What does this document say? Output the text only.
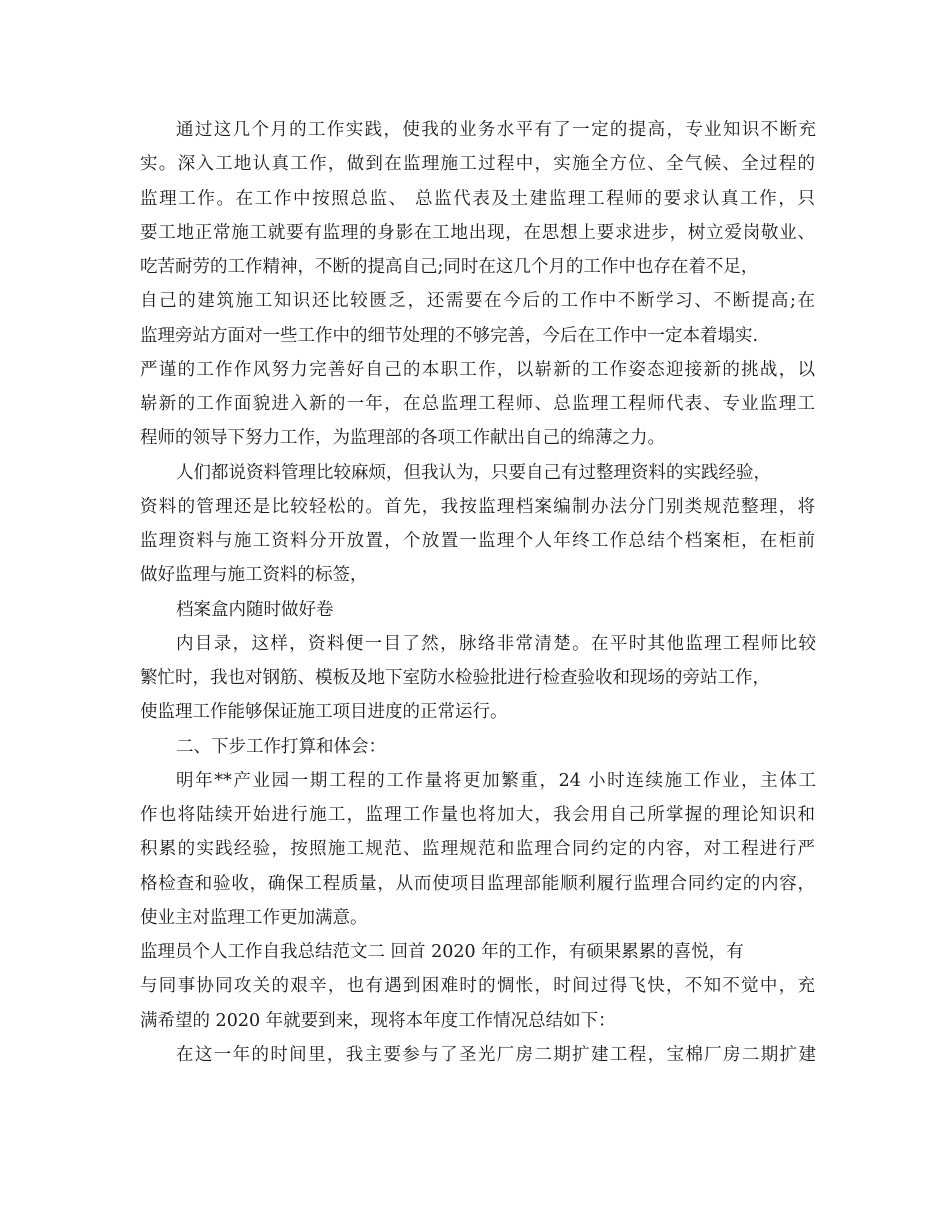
通过这几个月的工作实践，使我的业务水平有了一定的提高，专业知识不断充
实。深入工地认真工作，做到在监理施工过程中，实施全方位、全气候、全过程的
监理工作。在工作中按照总监、 总监代表及土建监理工程师的要求认真工作，只
要工地正常施工就要有监理的身影在工地出现，在思想上要求进步，树立爱岗敬业、
吃苦耐劳的工作精神，不断的提高自己;同时在这几个月的工作中也存在着不足，
自己的建筑施工知识还比较匮乏，还需要在今后的工作中不断学习、不断提高;在
监理旁站方面对一些工作中的细节处理的不够完善，今后在工作中一定本着塌实.
严谨的工作作风努力完善好自己的本职工作，以崭新的工作姿态迎接新的挑战，以
崭新的工作面貌进入新的一年，在总监理工程师、总监理工程师代表、专业监理工
程师的领导下努力工作，为监理部的各项工作献出自己的绵薄之力。
人们都说资料管理比较麻烦，但我认为，只要自己有过整理资料的实践经验，
资料的管理还是比较轻松的。首先，我按监理档案编制办法分门别类规范整理，将
监理资料与施工资料分开放置，个放置一监理个人年终工作总结个档案柜，在柜前
做好监理与施工资料的标签，
档案盒内随时做好卷
内目录，这样，资料便一目了然，脉络非常清楚。在平时其他监理工程师比较
繁忙时，我也对钢筋、模板及地下室防水检验批进行检查验收和现场的旁站工作，
使监理工作能够保证施工项目进度的正常运行。
二、下步工作打算和体会：
明年**产业园一期工程的工作量将更加繁重，24 小时连续施工作业，主体工
作也将陆续开始进行施工，监理工作量也将加大，我会用自己所掌握的理论知识和
积累的实践经验，按照施工规范、监理规范和监理合同约定的内容，对工程进行严
格检查和验收，确保工程质量，从而使项目监理部能顺利履行监理合同约定的内容，
使业主对监理工作更加满意。
监理员个人工作自我总结范文二 回首 2020 年的工作，有硕果累累的喜悦，有
与同事协同攻关的艰辛，也有遇到困难时的惆怅，时间过得飞快，不知不觉中，充
满希望的 2020 年就要到来，现将本年度工作情况总结如下：
在这一年的时间里，我主要参与了圣光厂房二期扩建工程，宝棉厂房二期扩建
